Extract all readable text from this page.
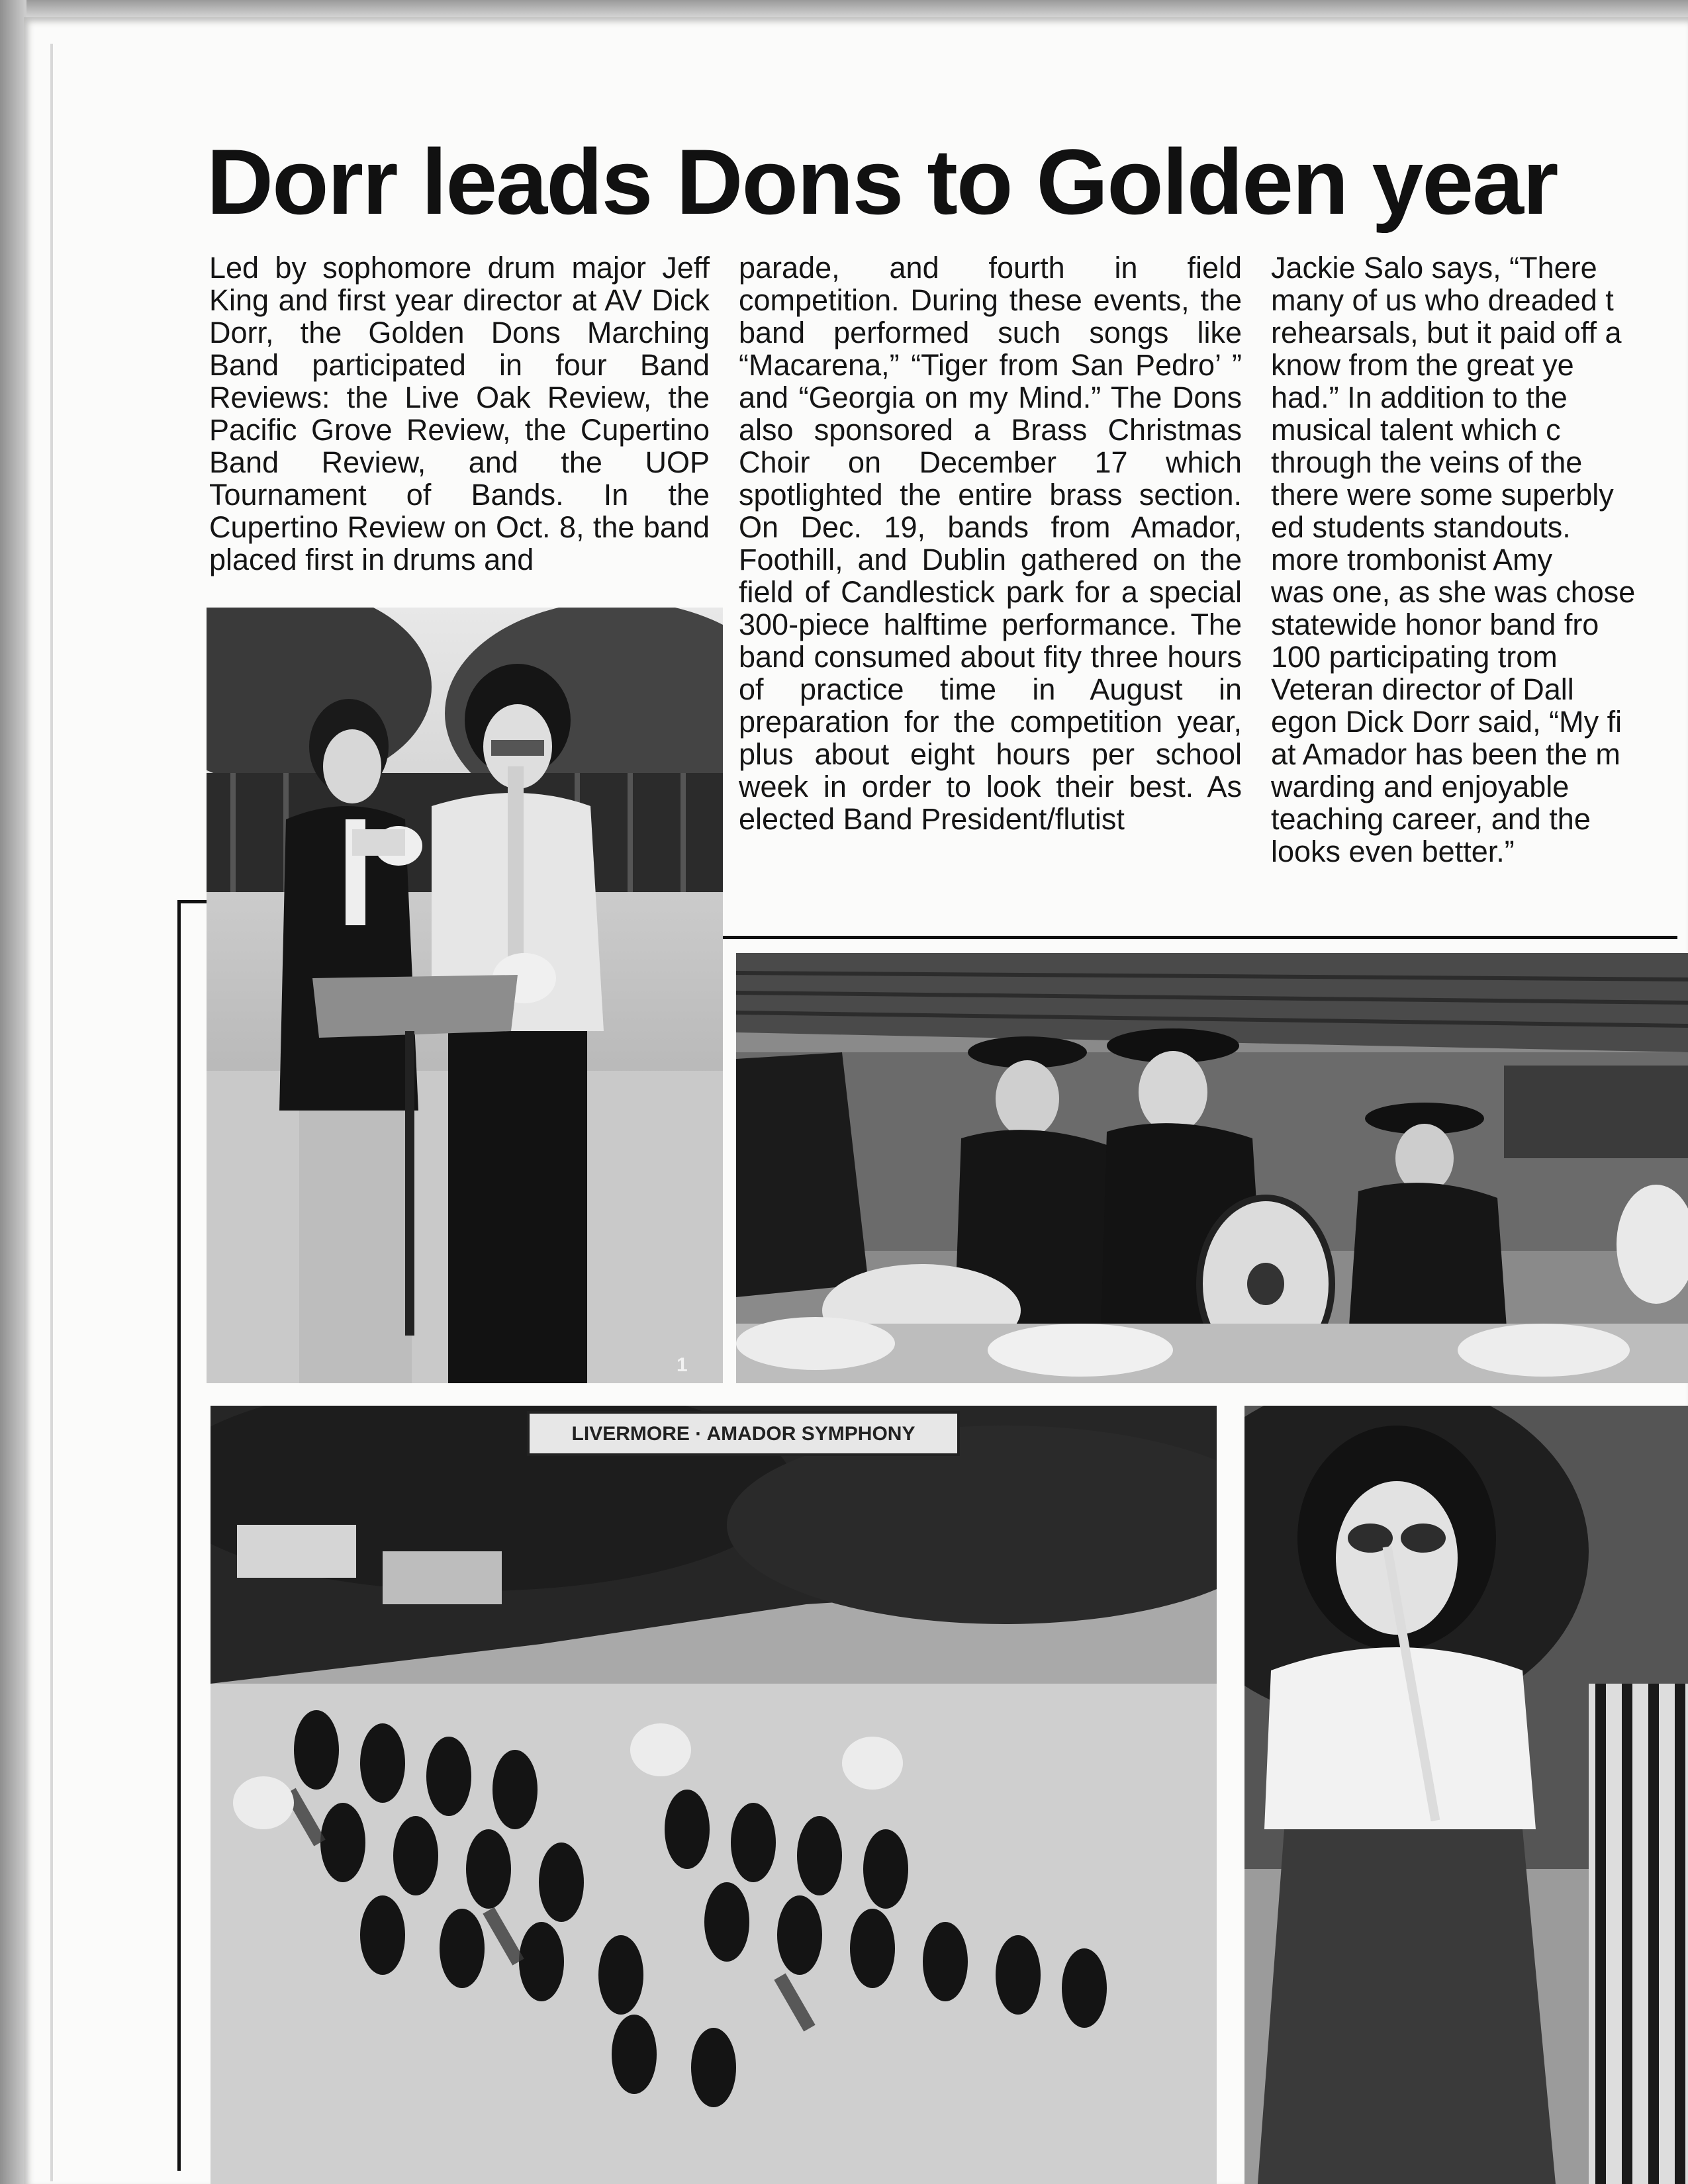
Dorr leads Dons to Golden year

Led by sophomore drum major Jeff King and first year director at AV Dick Dorr, the Golden Dons Marching Band participated in four Band Reviews: the Live Oak Review, the Pacific Grove Review, the Cupertino Band Review, and the UOP Tournament of Bands. In the Cupertino Review on Oct. 8, the band placed first in drums and

parade, and fourth in field competition. During these events, the band performed such songs like “Macarena,” “Tiger from San Pedro’ ” and “Georgia on my Mind.” The Dons also sponsored a Brass Christmas Choir on December 17 which spotlighted the entire brass section. On Dec. 19, bands from Amador, Foothill, and Dublin gathered on the field of Candlestick park for a special 300-piece halftime performance. The band consumed about fity three hours of practice time in August in preparation for the competition year, plus about eight hours per school week in order to look their best. As elected Band President/flutist

Jackie Salo says, “There
many of us who dreaded t
rehearsals, but it paid off a
know from the great ye
had.” In addition to the
musical talent which c
through the veins of the
there were some superbly
ed students standouts.
more trombonist Amy
was one, as she was chose
statewide honor band fro
100 participating trom
Veteran director of Dall
egon Dick Dorr said, “My fi
at Amador has been the m
warding and enjoyable
teaching career, and the
looks even better.”
1
LIVERMORE · AMADOR SYMPHONY
